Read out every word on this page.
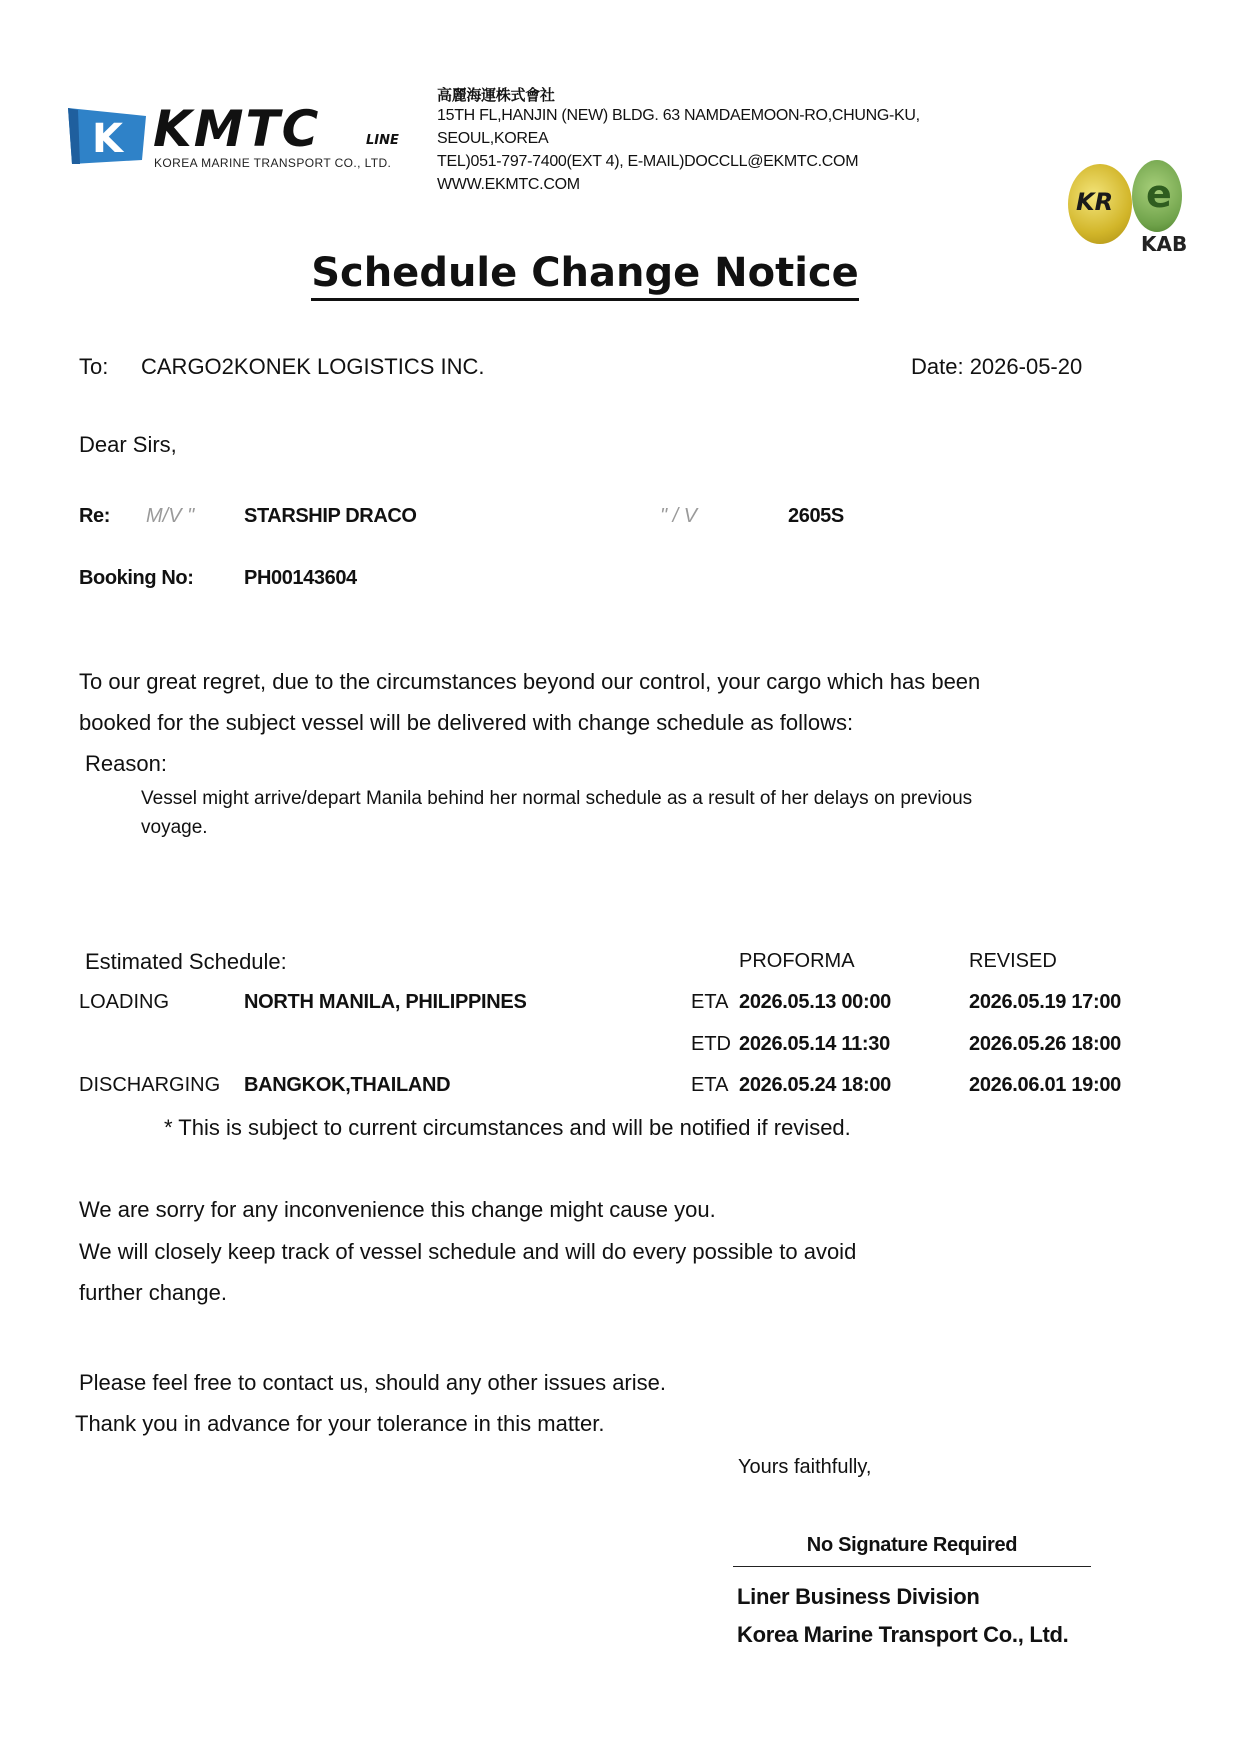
K KMTC	LINE
KOREA MARINE TRANSPORT CO., LTD.
高麗海運株式會社
15TH FL,HANJIN (NEW) BLDG. 63 NAMDAEMOON-RO,CHUNG-KU,
SEOUL,KOREA
TEL)051-797-7400(EXT 4), E-MAIL)DOCCLL@EKMTC.COM
WWW.EKMTC.COM
KR e
KAB
Schedule Change Notice
To: CARGO2KONEK LOGISTICS INC.	Date: 2026-05-20
Dear Sirs,
Re: M/V " STARSHIP DRACO	" / V	2605S
Booking No:	PH00143604
To our great regret, due to the circumstances beyond our control, your cargo which has been
booked for the subject vessel will be delivered with change schedule as follows:
Reason:
Vessel might arrive/depart Manila behind her normal schedule as a result of her delays on previous
voyage.
Estimated Schedule:	PROFORMA	REVISED
LOADING	NORTH MANILA, PHILIPPINES	ETA 2026.05.13 00:00	2026.05.19 17:00
ETD 2026.05.14 11:30	2026.05.26 18:00
DISCHARGING BANGKOK,THAILAND	ETA 2026.05.24 18:00	2026.06.01 19:00
* This is subject to current circumstances and will be notified if revised.
We are sorry for any inconvenience this change might cause you.
We will closely keep track of vessel schedule and will do every possible to avoid
further change.
Please feel free to contact us, should any other issues arise.
Thank you in advance for your tolerance in this matter.
Yours faithfully,
No Signature Required
Liner Business Division
Korea Marine Transport Co., Ltd.
